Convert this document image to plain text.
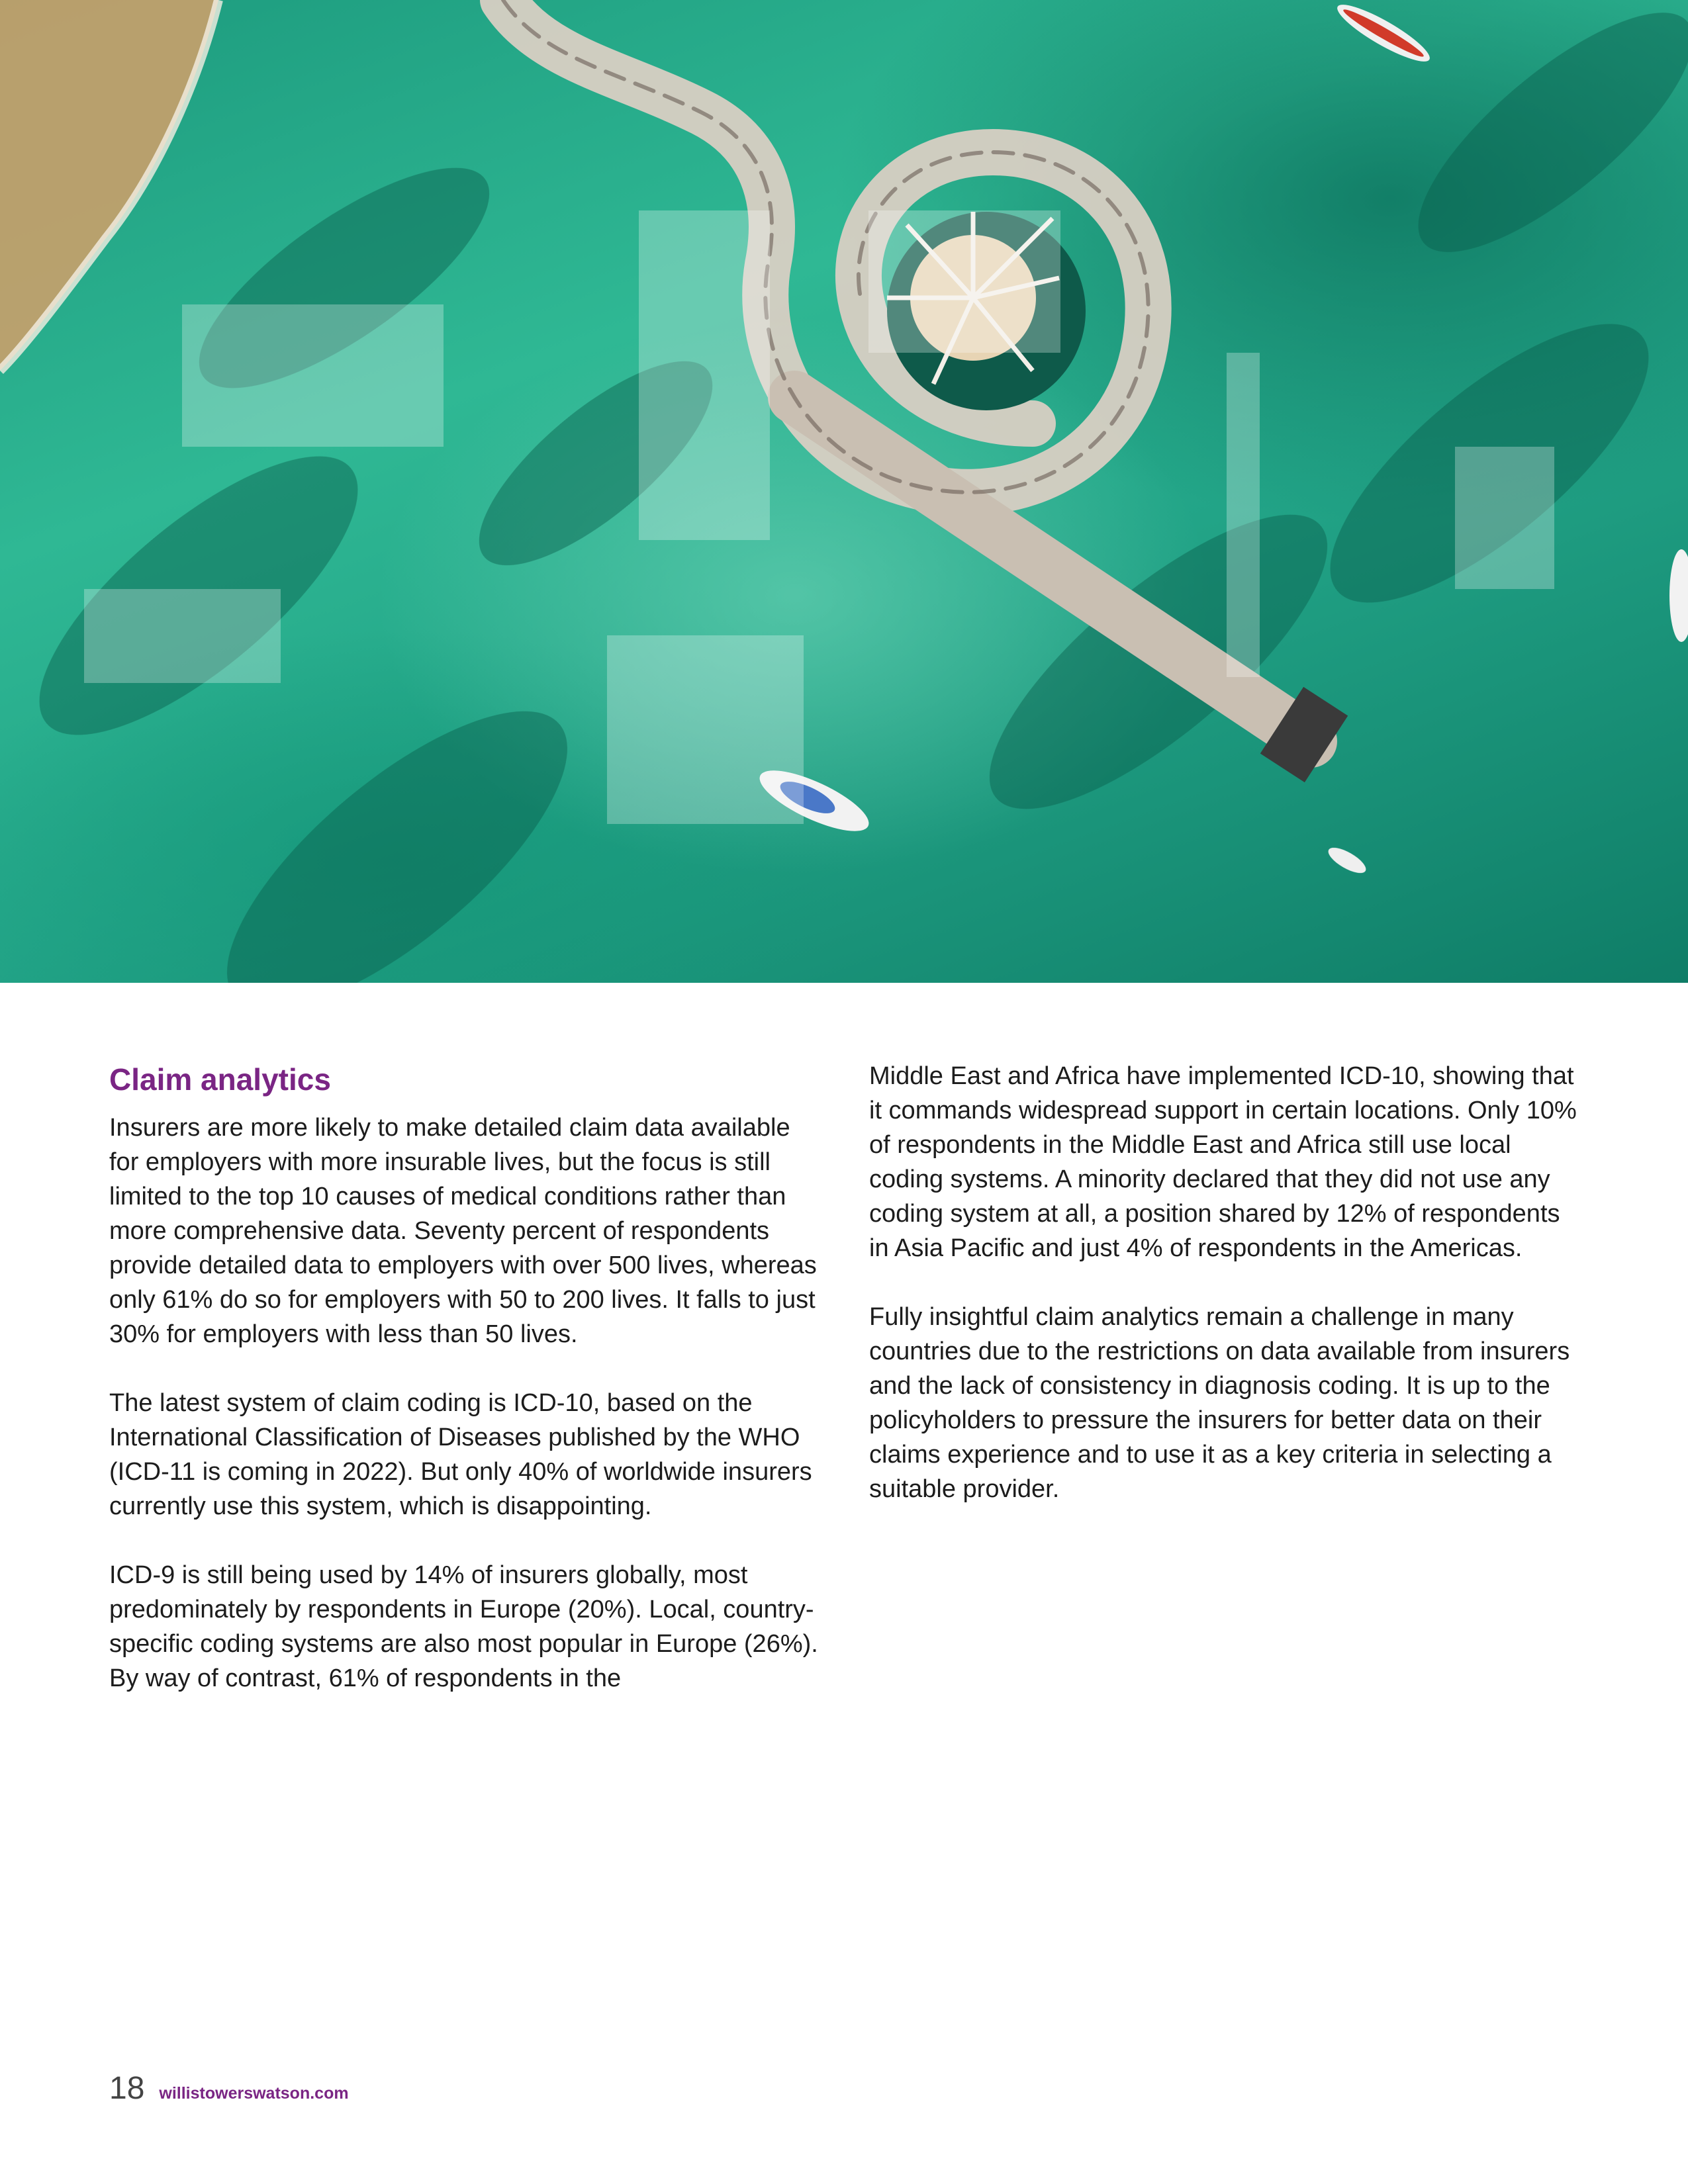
Claim analytics

Insurers are more likely to make detailed claim data available for employers with more insurable lives, but the focus is still limited to the top 10 causes of medical conditions rather than more comprehensive data. Seventy percent of respondents provide detailed data to employers with over 500 lives, whereas only 61% do so for employers with 50 to 200 lives. It falls to just 30% for employers with less than 50 lives.

The latest system of claim coding is ICD-10, based on the International Classification of Diseases published by the WHO (ICD-11 is coming in 2022). But only 40% of worldwide insurers currently use this system, which is disappointing.

ICD-9 is still being used by 14% of insurers globally, most predominately by respondents in Europe (20%). Local, country-specific coding systems are also most popular in Europe (26%). By way of contrast, 61% of respondents in the

Middle East and Africa have implemented ICD-10, showing that it commands widespread support in certain locations. Only 10% of respondents in the Middle East and Africa still use local coding systems. A minority declared that they did not use any coding system at all, a position shared by 12% of respondents in Asia Pacific and just 4% of respondents in the Americas.

Fully insightful claim analytics remain a challenge in many countries due to the restrictions on data available from insurers and the lack of consistency in diagnosis coding. It is up to the policyholders to pressure the insurers for better data on their claims experience and to use it as a key criteria in selecting a suitable provider.

18 willistowerswatson.com
